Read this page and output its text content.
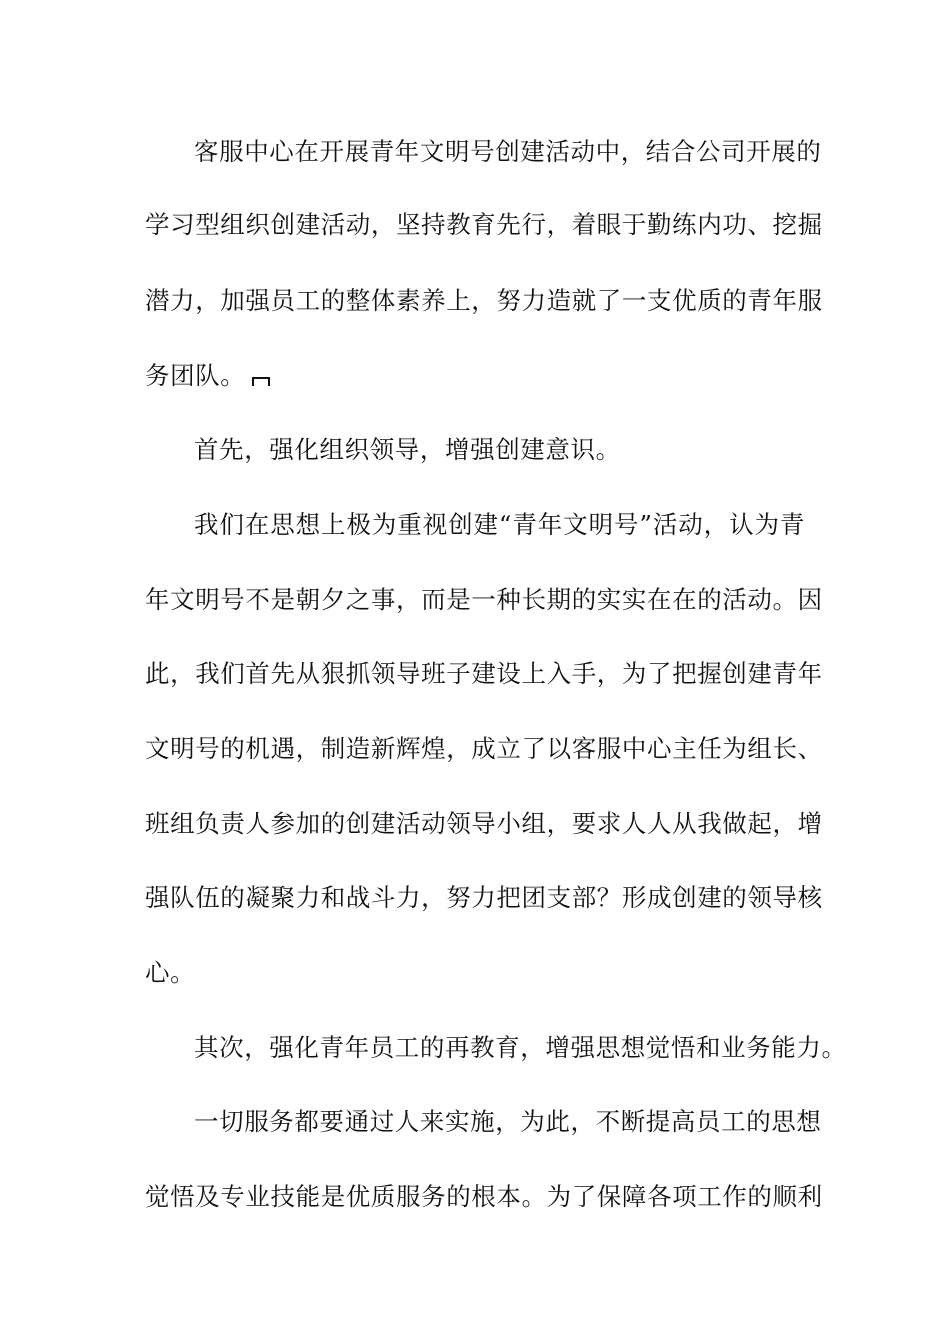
客服中心在开展青年文明号创建活动中，结合公司开展的
学习型组织创建活动，坚持教育先行，着眼于勤练内功、挖掘
潜力，加强员工的整体素养上，努力造就了一支优质的青年服
务团队。
首先，强化组织领导，增强创建意识。
我们在思想上极为重视创建“青年文明号”活动，认为青
年文明号不是朝夕之事，而是一种长期的实实在在的活动。因
此，我们首先从狠抓领导班子建设上入手，为了把握创建青年
文明号的机遇，制造新辉煌，成立了以客服中心主任为组长、
班组负责人参加的创建活动领导小组，要求人人从我做起，增
强队伍的凝聚力和战斗力，努力把团支部？形成创建的领导核
心。
其次，强化青年员工的再教育，增强思想觉悟和业务能力。
一切服务都要通过人来实施，为此，不断提高员工的思想
觉悟及专业技能是优质服务的根本。为了保障各项工作的顺利
